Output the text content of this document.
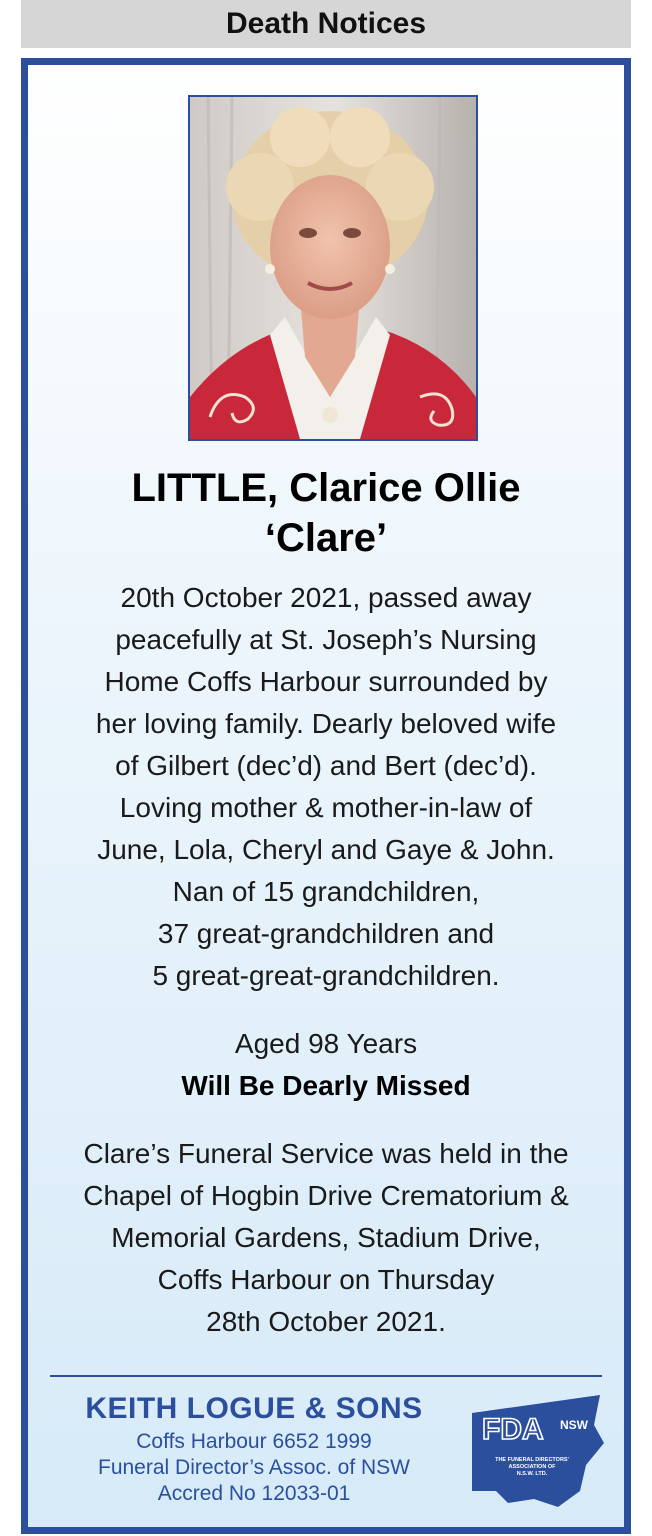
Death Notices
LITTLE, Clarice Ollie
‘Clare’
20th October 2021, passed away
peacefully at St. Joseph’s Nursing
Home Coffs Harbour surrounded by
her loving family. Dearly beloved wife
of Gilbert (dec’d) and Bert (dec’d).
Loving mother & mother-in-law of
June, Lola, Cheryl and Gaye & John.
Nan of 15 grandchildren,
37 great-grandchildren and
5 great-great-grandchildren.
Aged 98 Years
Will Be Dearly Missed
Clare’s Funeral Service was held in the
Chapel of Hogbin Drive Crematorium &
Memorial Gardens, Stadium Drive,
Coffs Harbour on Thursday
28th October 2021.
KEITH LOGUE & SONS
Coffs Harbour 6652 1999
Funeral Director’s Assoc. of NSW
Accred No 12033-01
FDA NSW
THE FUNERAL DIRECTORS'
ASSOCIATION OF
N.S.W. LTD.
